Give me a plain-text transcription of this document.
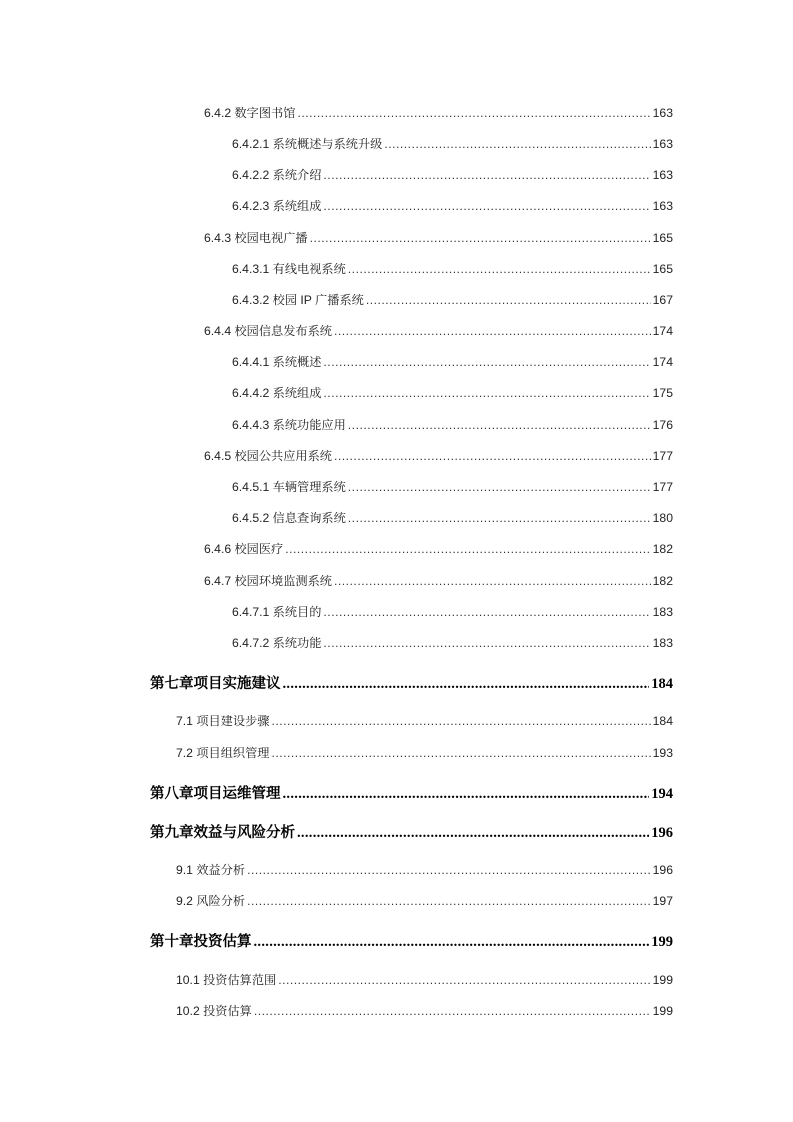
6.4.2 数字图书馆 .....	163
6.4.2.1 系统概述与系统升级 .....	163
6.4.2.2 系统介绍 .....	163
6.4.2.3 系统组成 .....	163
6.4.3 校园电视广播 .....	165
6.4.3.1 有线电视系统 .....	165
6.4.3.2 校园 IP 广播系统 .....	167
6.4.4 校园信息发布系统 .....	174
6.4.4.1 系统概述 .....	174
6.4.4.2 系统组成 .....	175
6.4.4.3 系统功能应用 .....	176
6.4.5 校园公共应用系统 .....	177
6.4.5.1 车辆管理系统 .....	177
6.4.5.2 信息查询系统 .....	180
6.4.6 校园医疗 .....	182
6.4.7 校园环境监测系统 .....	182
6.4.7.1 系统目的 .....	183
6.4.7.2 系统功能 .....	183
第七章项目实施建议 .....	184
7.1 项目建设步骤 .....	184
7.2 项目组织管理 .....	193
第八章项目运维管理 .....	194
第九章效益与风险分析 .....	196
9.1 效益分析 .....	196
9.2 风险分析 .....	197
第十章投资估算 .....	199
10.1 投资估算范围 .....	199
10.2 投资估算 .....	199
